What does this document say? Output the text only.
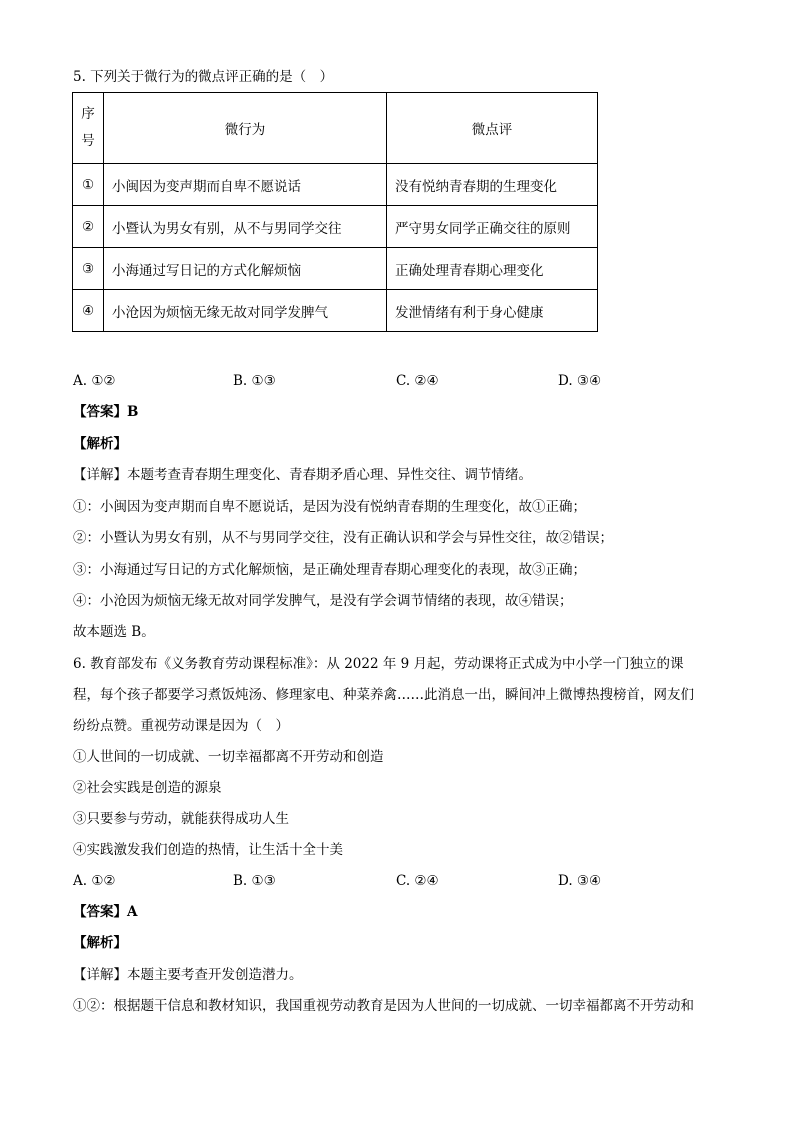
5. 下列关于微行为的微点评正确的是（　）
序
号	微行为	微点评
①	小闽因为变声期而自卑不愿说话	没有悦纳青春期的生理变化
②	小暨认为男女有别，从不与男同学交往	严守男女同学正确交往的原则
③	小海通过写日记的方式化解烦恼	正确处理青春期心理变化
④	小沧因为烦恼无缘无故对同学发脾气	发泄情绪有利于身心健康
A. ①②	B. ①③	C. ②④	D. ③④
【答案】B
【解析】
【详解】本题考查青春期生理变化、青春期矛盾心理、异性交往、调节情绪。
①：小闽因为变声期而自卑不愿说话，是因为没有悦纳青春期的生理变化，故①正确；
②：小暨认为男女有别，从不与男同学交往，没有正确认识和学会与异性交往，故②错误；
③：小海通过写日记的方式化解烦恼，是正确处理青春期心理变化的表现，故③正确；
④：小沧因为烦恼无缘无故对同学发脾气，是没有学会调节情绪的表现，故④错误；
故本题选 B。
6. 教育部发布《义务教育劳动课程标准》：从 2022 年 9 月起，劳动课将正式成为中小学一门独立的课
程，每个孩子都要学习煮饭炖汤、修理家电、种菜养禽……此消息一出，瞬间冲上微博热搜榜首，网友们
纷纷点赞。重视劳动课是因为（　）
①人世间的一切成就、一切幸福都离不开劳动和创造
②社会实践是创造的源泉
③只要参与劳动，就能获得成功人生
④实践激发我们创造的热情，让生活十全十美
A. ①②	B. ①③	C. ②④	D. ③④
【答案】A
【解析】
【详解】本题主要考查开发创造潜力。
①②：根据题干信息和教材知识，我国重视劳动教育是因为人世间的一切成就、一切幸福都离不开劳动和
